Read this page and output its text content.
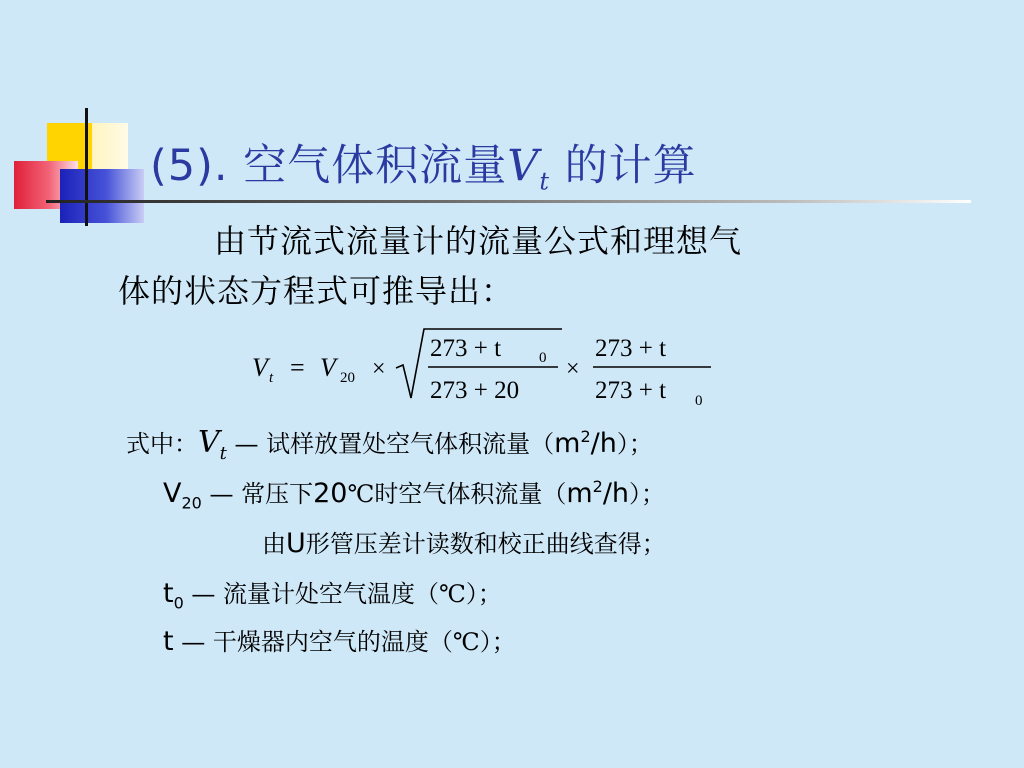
(5). 空气体积流量$V_t$ 的计算
由节流式流量计的流量公式和理想气
体的状态方程式可推导出：
V t = V 20 ×
273 + t	0
273 + 20
×
273 + t
273 + t 0
式中：$V_t$ — 试样放置处空气体积流量$(m^2/h)$；
$V_{20}$ — 常压下20℃时空气体积流量$(m^2/h)$；
由U形管压差计读数和校正曲线查得；
$t_0$ — 流量计处空气温度（℃）；
t — 干燥器内空气的温度（℃）；
